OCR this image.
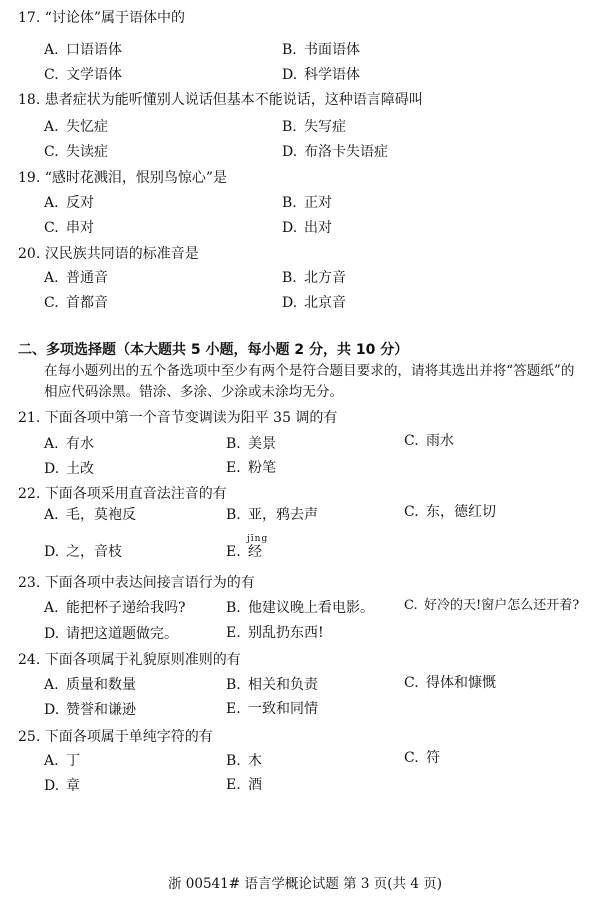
17. “讨论体”属于语体中的
A. 口语语体	B. 书面语体
C. 文学语体	D. 科学语体
18. 患者症状为能听懂别人说话但基本不能说话，这种语言障碍叫
A. 失忆症	B. 失写症
C. 失读症	D. 布洛卡失语症
19. “感时花溅泪，恨别鸟惊心”是
A. 反对	B. 正对
C. 串对	D. 出对
20. 汉民族共同语的标准音是
A. 普通音	B. 北方音
C. 首都音	D. 北京音
二、多项选择题（本大题共 5 小题，每小题 2 分，共 10 分）
在每小题列出的五个备选项中至少有两个是符合题目要求的，请将其选出并将“答题纸”的
相应代码涂黑。错涂、多涂、少涂或未涂均无分。
21. 下面各项中第一个音节变调读为阳平 35 调的有
A. 有水	B. 美景	C. 雨水
D. 土改	E. 粉笔
22. 下面各项采用直音法注音的有
A. 毛，莫袍反	B. 亚，鸦去声	C. 东，德红切
D. 之，音枝
jīng
E. 经
23. 下面各项中表达间接言语行为的有
A. 能把杯子递给我吗?	B. 他建议晚上看电影。 C. 好冷的天!窗户怎么还开着?
D. 请把这道题做完。	E. 别乱扔东西!
24. 下面各项属于礼貌原则准则的有
A. 质量和数量	B. 相关和负责	C. 得体和慷慨
D. 赞誉和谦逊	E. 一致和同情
25. 下面各项属于单纯字符的有
A. 丁	B. 木	C. 符
D. 章	E. 酒
浙 00541# 语言学概论试题 第 3 页(共 4 页)
